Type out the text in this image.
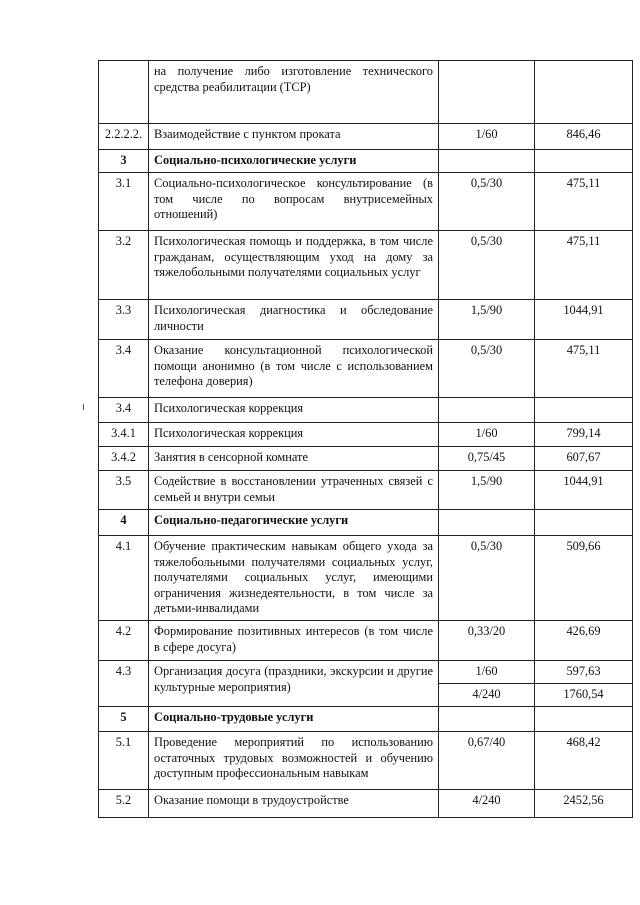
	на получение либо изготовление технического средства реабилитации (ТСР)		
2.2.2.2.	Взаимодействие с пунктом проката	1/60	846,46
3	Социально-психологические услуги		
3.1	Социально-психологическое консультирование (в том числе по вопросам внутрисемейных отношений)	0,5/30	475,11
3.2	Психологическая помощь и поддержка, в том числе гражданам, осуществляющим уход на дому за тяжелобольными получателями социальных услуг	0,5/30	475,11
3.3	Психологическая диагностика и обследование личности	1,5/90	1044,91
3.4	Оказание консультационной психологической помощи анонимно (в том числе с использованием телефона доверия)	0,5/30	475,11
3.4	Психологическая коррекция		
3.4.1	Психологическая коррекция	1/60	799,14
3.4.2	Занятия в сенсорной комнате	0,75/45	607,67
3.5	Содействие в восстановлении утраченных связей с семьей и внутри семьи	1,5/90	1044,91
4	Социально-педагогические услуги		
4.1	Обучение практическим навыкам общего ухода за тяжелобольными получателями социальных услуг, получателями социальных услуг, имеющими ограничения жизнедеятельности, в том числе за детьми-инвалидами	0,5/30	509,66
4.2	Формирование позитивных интересов (в том числе в сфере досуга)	0,33/20	426,69
4.3	Организация досуга (праздники, экскурсии и другие культурные мероприятия)	1/60	597,63
		4/240	1760,54
5	Социально-трудовые услуги		
5.1	Проведение мероприятий по использованию остаточных трудовых возможностей и обучению доступным профессиональным навыкам	0,67/40	468,42
5.2	Оказание помощи в трудоустройстве	4/240	2452,56
